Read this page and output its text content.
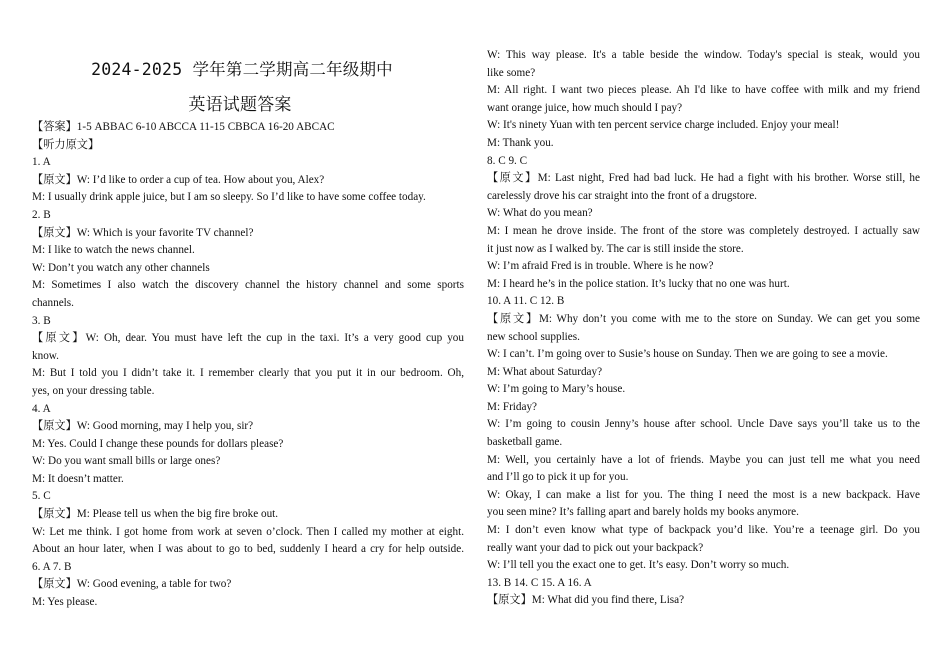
2024-2025 学年第二学期高二年级期中
英语试题答案
【答案】1-5 ABBAC 6-10 ABCCA 11-15 CBBCA 16-20 ABCAC
【听力原文】
1. A
【原文】W: I’d like to order a cup of tea. How about you, Alex?
M: I usually drink apple juice, but I am so sleepy. So I’d like to have some coffee today.
2. B
【原文】W: Which is your favorite TV channel?
M: I like to watch the news channel.
W: Don’t you watch any other channels
M: Sometimes I also watch the discovery channel the history channel and some sports
channels.
3. B
【原文】W: Oh, dear. You must have left the cup in the taxi. It’s a very good cup you
know.
M: But I told you I didn’t take it. I remember clearly that you put it in our bedroom. Oh,
yes, on your dressing table.
4. A
【原文】W: Good morning, may I help you, sir?
M: Yes. Could I change these pounds for dollars please?
W: Do you want small bills or large ones?
M: It doesn’t matter.
5. C
【原文】M: Please tell us when the big fire broke out.
W: Let me think. I got home from work at seven o’clock. Then I called my mother at eight.
About an hour later, when I was about to go to bed, suddenly I heard a cry for help outside.
6. A 7. B
【原文】W: Good evening, a table for two?
M: Yes please.
W: This way please. It's a table beside the window. Today's special is steak, would you
like some?
M: All right. I want two pieces please. Ah I'd like to have coffee with milk and my friend
want orange juice, how much should I pay?
W: It's ninety Yuan with ten percent service charge included. Enjoy your meal!
M: Thank you.
8. C 9. C
【原文】M: Last night, Fred had bad luck. He had a fight with his brother. Worse still, he
carelessly drove his car straight into the front of a drugstore.
W: What do you mean?
M: I mean he drove inside. The front of the store was completely destroyed. I actually saw
it just now as I walked by. The car is still inside the store.
W: I’m afraid Fred is in trouble. Where is he now?
M: I heard he’s in the police station. It’s lucky that no one was hurt.
10. A 11. C 12. B
【原文】M: Why don’t you come with me to the store on Sunday. We can get you some
new school supplies.
W: I can’t. I’m going over to Susie’s house on Sunday. Then we are going to see a movie.
M: What about Saturday?
W: I’m going to Mary’s house.
M: Friday?
W: I’m going to cousin Jenny’s house after school. Uncle Dave says you’ll take us to the
basketball game.
M: Well, you certainly have a lot of friends. Maybe you can just tell me what you need
and I’ll go to pick it up for you.
W: Okay, I can make a list for you. The thing I need the most is a new backpack. Have
you seen mine? It’s falling apart and barely holds my books anymore.
M: I don’t even know what type of backpack you’d like. You’re a teenage girl. Do you
really want your dad to pick out your backpack?
W: I’ll tell you the exact one to get. It’s easy. Don’t worry so much.
13. B 14. C 15. A 16. A
【原文】M: What did you find there, Lisa?
